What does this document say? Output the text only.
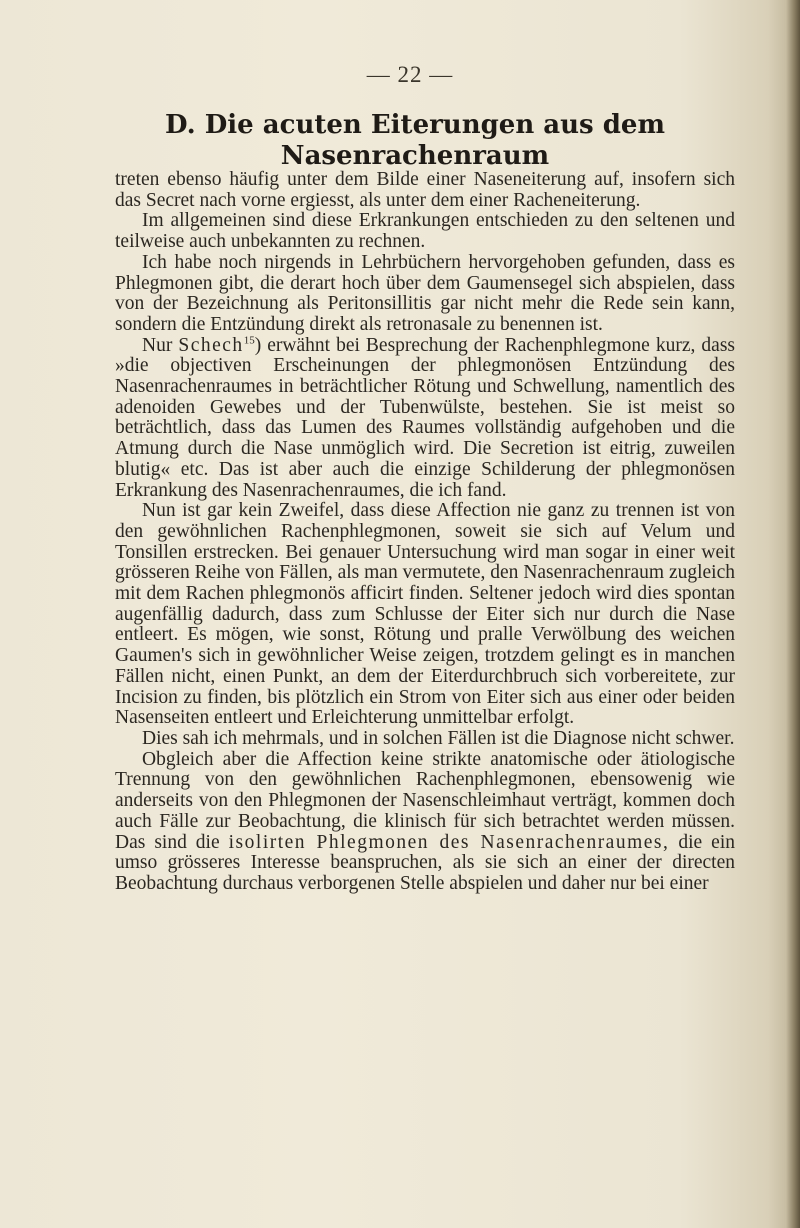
— 22 —
D. Die acuten Eiterungen aus dem
Nasenrachenraum

treten ebenso häufig unter dem Bilde einer Naseneiterung auf, insofern sich das Secret nach vorne ergiesst, als unter dem einer Racheneiterung.

Im allgemeinen sind diese Erkrankungen entschieden zu den seltenen und teilweise auch unbekannten zu rechnen.

Ich habe noch nirgends in Lehrbüchern hervorgehoben gefunden, dass es Phlegmonen gibt, die derart hoch über dem Gaumensegel sich abspielen, dass von der Bezeichnung als Peritonsillitis gar nicht mehr die Rede sein kann, sondern die Entzündung direkt als retronasale zu benennen ist.

Nur Schech$^{15}$) erwähnt bei Besprechung der Rachenphlegmone kurz, dass »die objectiven Erscheinungen der phlegmonösen Entzündung des Nasenrachenraumes in beträchtlicher Rötung und Schwellung, namentlich des adenoiden Gewebes und der Tubenwülste, bestehen. Sie ist meist so beträchtlich, dass das Lumen des Raumes vollständig aufgehoben und die Atmung durch die Nase unmöglich wird. Die Secretion ist eitrig, zuweilen blutig« etc. Das ist aber auch die einzige Schilderung der phlegmonösen Erkrankung des Nasenrachenraumes, die ich fand.

Nun ist gar kein Zweifel, dass diese Affection nie ganz zu trennen ist von den gewöhnlichen Rachenphlegmonen, soweit sie sich auf Velum und Tonsillen erstrecken. Bei genauer Untersuchung wird man sogar in einer weit grösseren Reihe von Fällen, als man vermutete, den Nasenrachenraum zugleich mit dem Rachen phlegmonös afficirt finden. Seltener jedoch wird dies spontan augenfällig dadurch, dass zum Schlusse der Eiter sich nur durch die Nase entleert. Es mögen, wie sonst, Rötung und pralle Verwölbung des weichen Gaumen's sich in gewöhnlicher Weise zeigen, trotzdem gelingt es in manchen Fällen nicht, einen Punkt, an dem der Eiterdurchbruch sich vorbereitete, zur Incision zu finden, bis plötzlich ein Strom von Eiter sich aus einer oder beiden Nasenseiten entleert und Erleichterung unmittelbar erfolgt.

Dies sah ich mehrmals, und in solchen Fällen ist die Diagnose nicht schwer.

Obgleich aber die Affection keine strikte anatomische oder ätiologische Trennung von den gewöhnlichen Rachenphlegmonen, ebensowenig wie anderseits von den Phlegmonen der Nasenschleimhaut verträgt, kommen doch auch Fälle zur Beobachtung, die klinisch für sich betrachtet werden müssen. Das sind die isolirten Phlegmonen des Nasenrachenraumes, die ein umso grösseres Interesse beanspruchen, als sie sich an einer der directen Beobachtung durchaus verborgenen Stelle abspielen und daher nur bei einer
